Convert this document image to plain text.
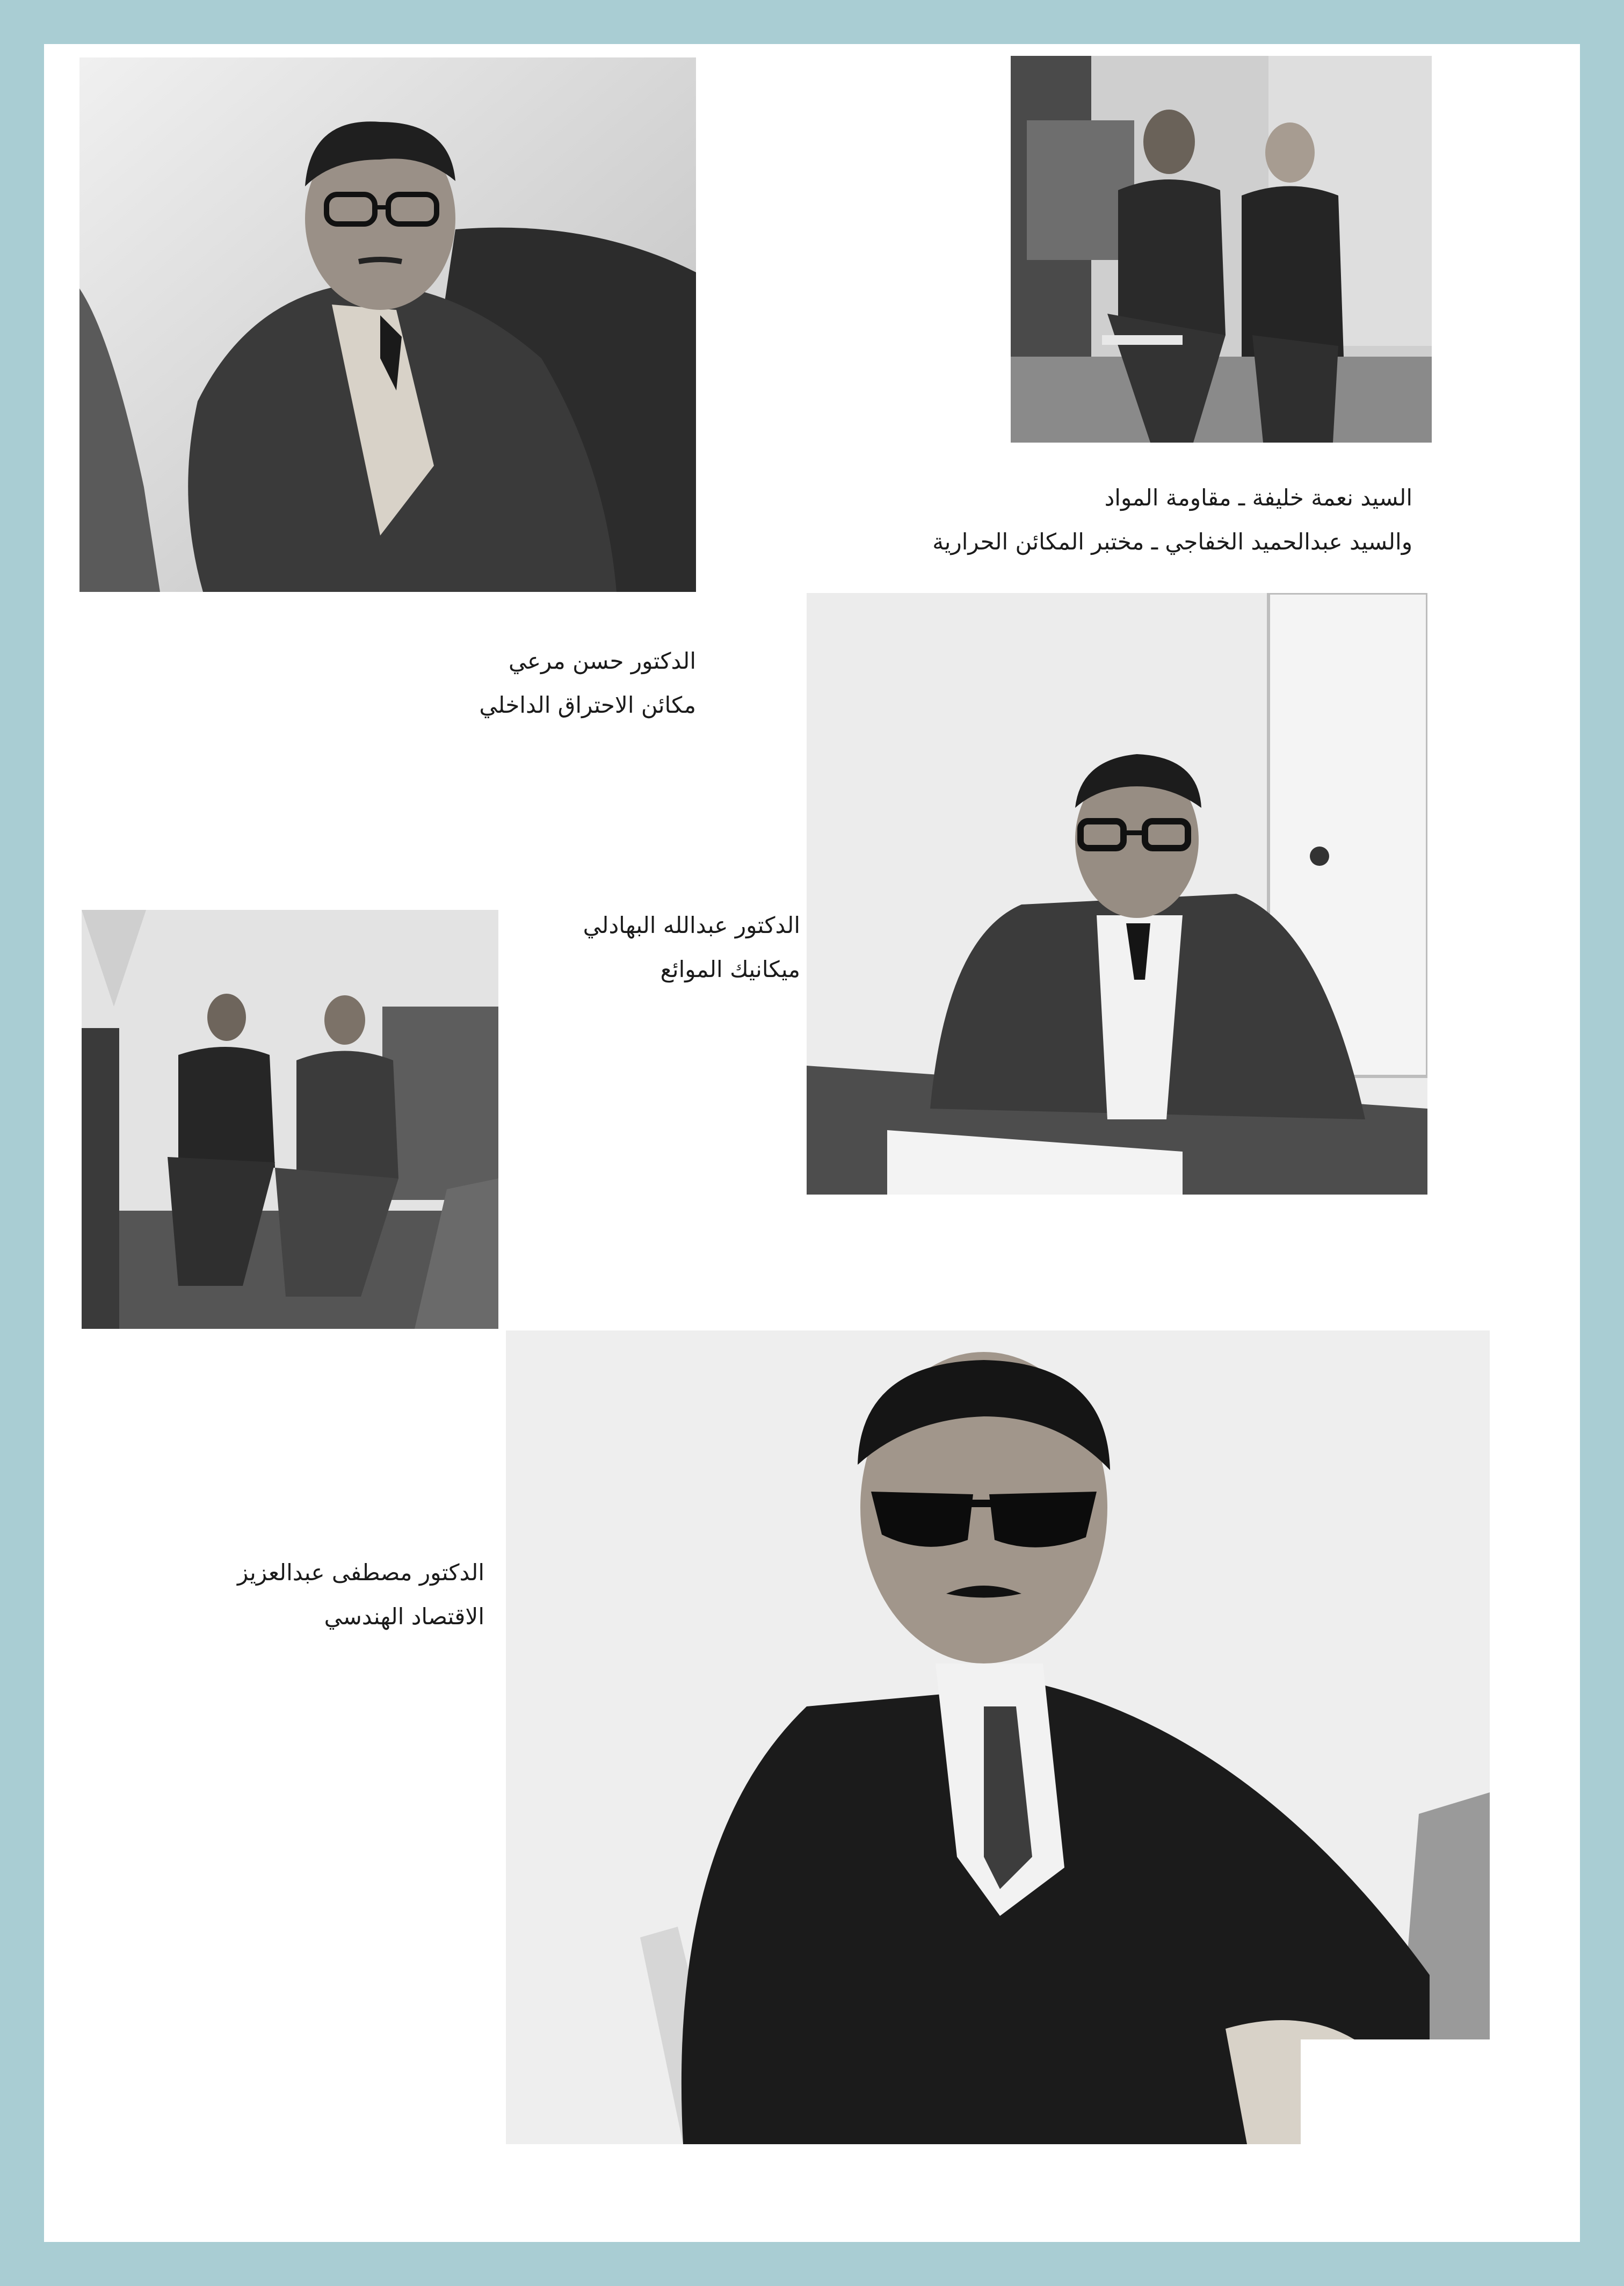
الدكتور حسن مرعي
مكائن الاحتراق الداخلي
السيد نعمة خليفة ـ مقاومة المواد
والسيد عبدالحميد الخفاجي ـ مختبر المكائن الحرارية
الدكتور عبدالله البهادلي
ميكانيك الموائع
الدكتور مصطفى عبدالعزيز
الاقتصاد الهندسي
